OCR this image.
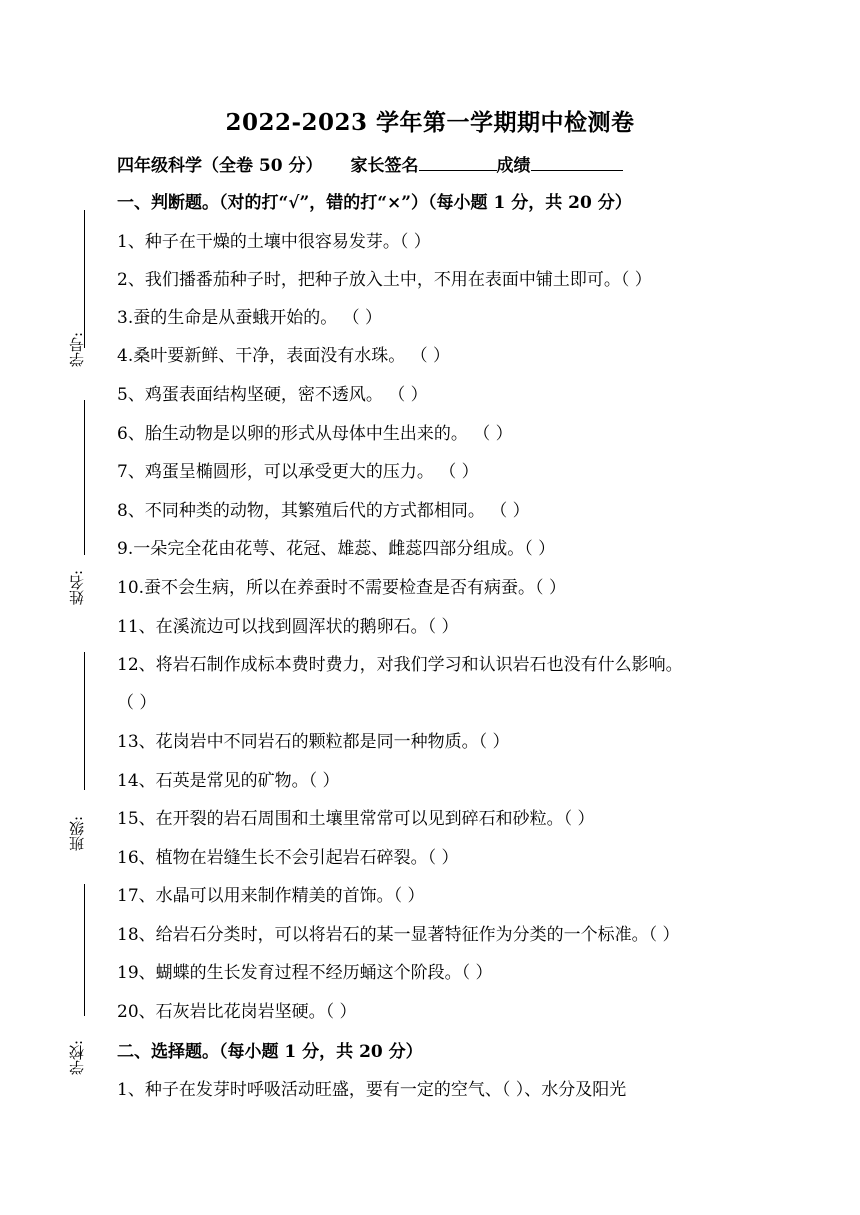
2022-2023 学年第一学期期中检测卷
四年级科学（全卷 50 分） 家长签名	成绩
学号:
姓名:
班级:
学校:
一、判断题。（对的打“√”，错的打“×”）（每小题 1 分，共 20 分）
1、种子在干燥的土壤中很容易发芽。（ ）
2、我们播番茄种子时，把种子放入土中，不用在表面中铺土即可。（ ）
3.蚕的生命是从蚕蛾开始的。 （ ）
4.桑叶要新鲜、干净，表面没有水珠。 （ ）
5、鸡蛋表面结构坚硬，密不透风。 （ ）
6、胎生动物是以卵的形式从母体中生出来的。 （ ）
7、鸡蛋呈椭圆形，可以承受更大的压力。 （ ）
8、不同种类的动物，其繁殖后代的方式都相同。 （ ）
9.一朵完全花由花萼、花冠、雄蕊、雌蕊四部分组成。（ ）
10.蚕不会生病，所以在养蚕时不需要检查是否有病蚕。（ ）
11、在溪流边可以找到圆浑状的鹅卵石。（ ）
12、将岩石制作成标本费时费力，对我们学习和认识岩石也没有什么影响。
（ ）
13、花岗岩中不同岩石的颗粒都是同一种物质。（ ）
14、石英是常见的矿物。（ ）
15、在开裂的岩石周围和土壤里常常可以见到碎石和砂粒。（ ）
16、植物在岩缝生长不会引起岩石碎裂。（ ）
17、水晶可以用来制作精美的首饰。（ ）
18、给岩石分类时，可以将岩石的某一显著特征作为分类的一个标准。（ ）
19、蝴蝶的生长发育过程不经历蛹这个阶段。（ ）
20、石灰岩比花岗岩坚硬。（ ）
二、选择题。（每小题 1 分，共 20 分）
1、种子在发芽时呼吸活动旺盛，要有一定的空气、（ ）、水分及阳光
